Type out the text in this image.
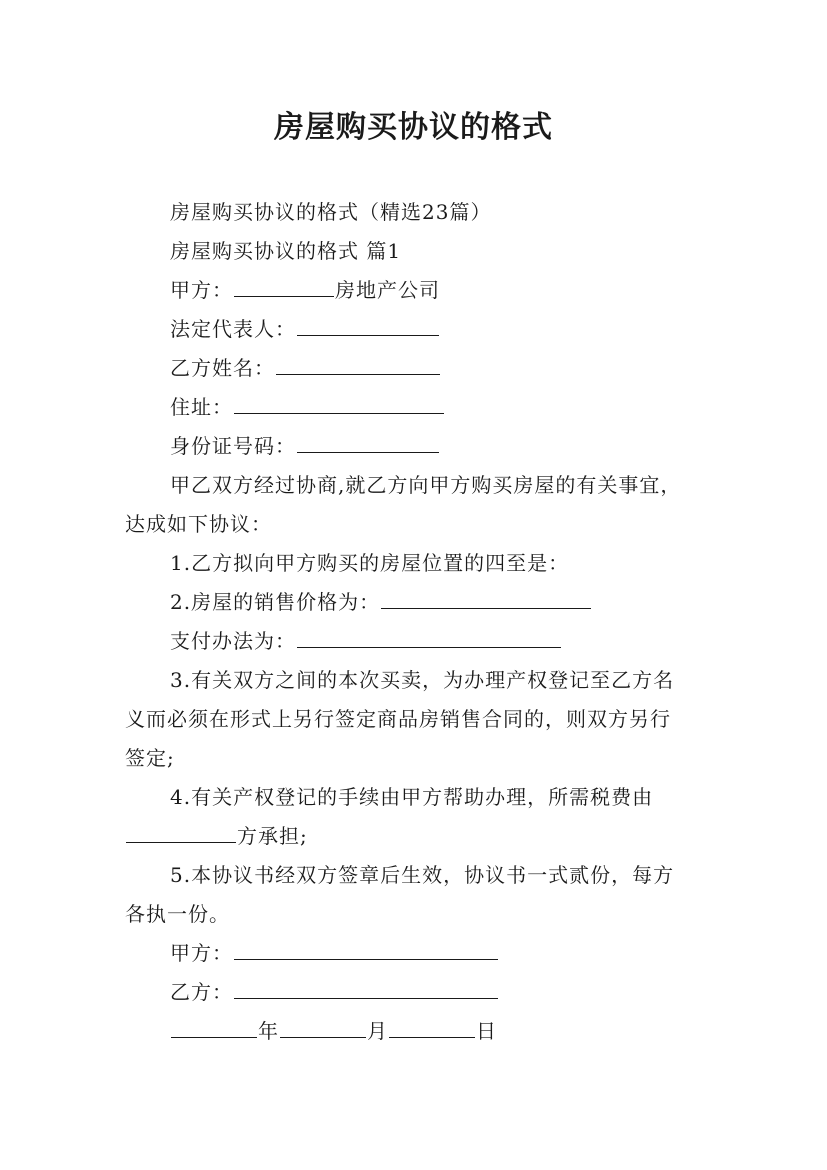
房屋购买协议的格式
房屋购买协议的格式（精选23篇）
房屋购买协议的格式 篇1
甲方：	房地产公司
法定代表人：
乙方姓名：
住址：
身份证号码：
甲乙双方经过协商,就乙方向甲方购买房屋的有关事宜，
达成如下协议：
1.乙方拟向甲方购买的房屋位置的四至是：
2.房屋的销售价格为：
支付办法为：
3.有关双方之间的本次买卖，为办理产权登记至乙方名
义而必须在形式上另行签定商品房销售合同的，则双方另行
签定;
4.有关产权登记的手续由甲方帮助办理，所需税费由
方承担;
5.本协议书经双方签章后生效，协议书一式贰份，每方
各执一份。
甲方：
乙方：
年	月	日
